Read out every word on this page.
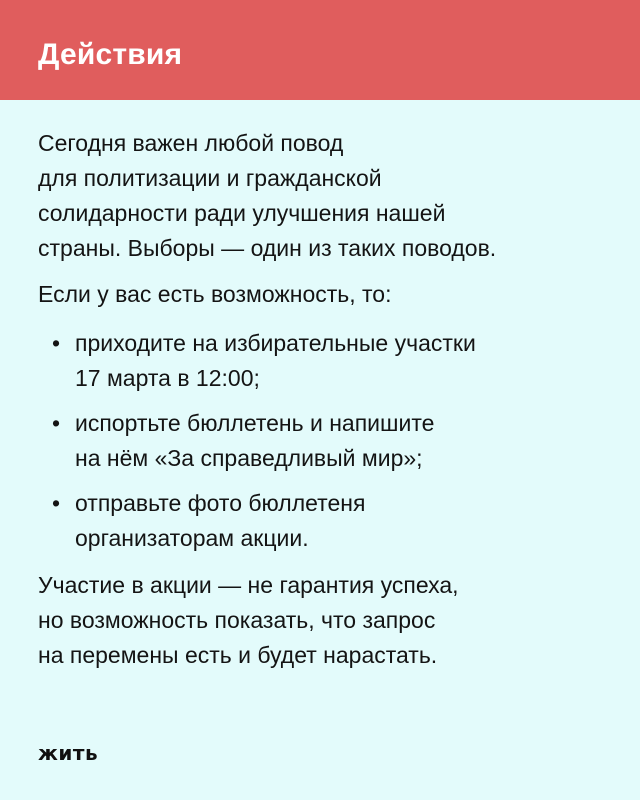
Действия

Сегодня важен любой повод
для политизации и гражданской
солидарности ради улучшения нашей
страны. Выборы — один из таких поводов.

Если у вас есть возможность, то:

• приходите на избирательные участки
17 марта в 12:00;
• испортьте бюллетень и напишите
на нём «За справедливый мир»;
• отправьте фото бюллетеня
организаторам акции.

Участие в акции — не гарантия успеха,
но возможность показать, что запрос
на перемены есть и будет нарастать.

жить
